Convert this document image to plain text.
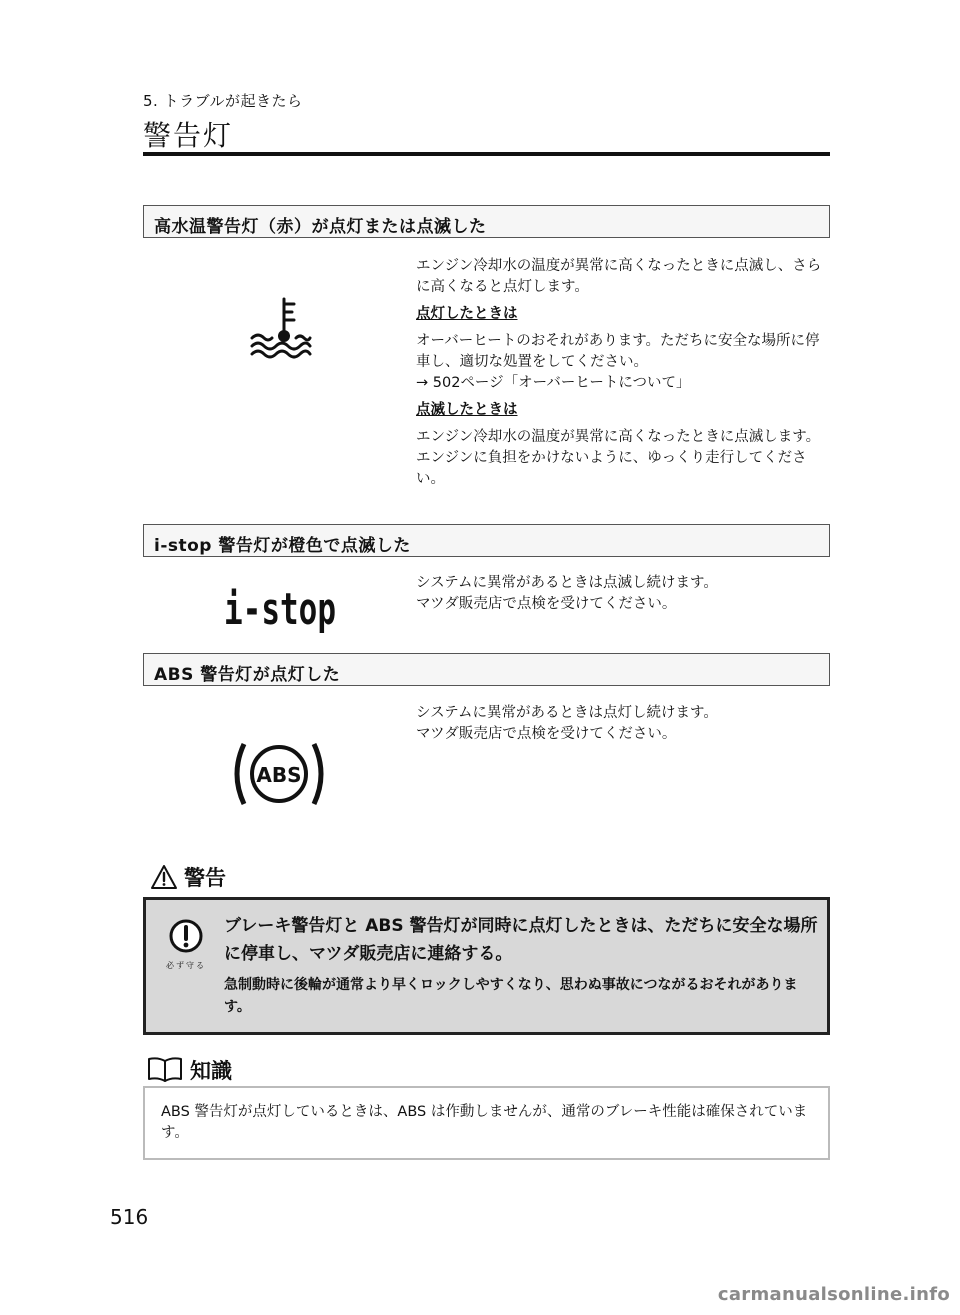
5. トラブルが起きたら
警告灯
高水温警告灯（赤）が点灯または点滅した

エンジン冷却水の温度が異常に高くなったときに点滅し、さらに高くなると点灯します。

点灯したときは

オーバーヒートのおそれがあります。ただちに安全な場所に停車し、適切な処置をしてください。

→ 502ページ「オーバーヒートについて」

点滅したときは

エンジン冷却水の温度が異常に高くなったときに点滅します。

エンジンに負担をかけないように、ゆっくり走行してください。

i-stop 警告灯が橙色で点滅した
i-stop

システムに異常があるときは点滅し続けます。

マツダ販売店で点検を受けてください。

ABS 警告灯が点灯した
ABS

システムに異常があるときは点灯し続けます。

マツダ販売店で点検を受けてください。

警告
必ず守る
ブレーキ警告灯と ABS 警告灯が同時に点灯したときは、ただちに安全な場所に停車し、マツダ販売店に連絡する。
急制動時に後輪が通常より早くロックしやすくなり、思わぬ事故につながるおそれがあります。
知識

ABS 警告灯が点灯しているときは、ABS は作動しませんが、通常のブレーキ性能は確保されています。

516
carmanualsonline.info
